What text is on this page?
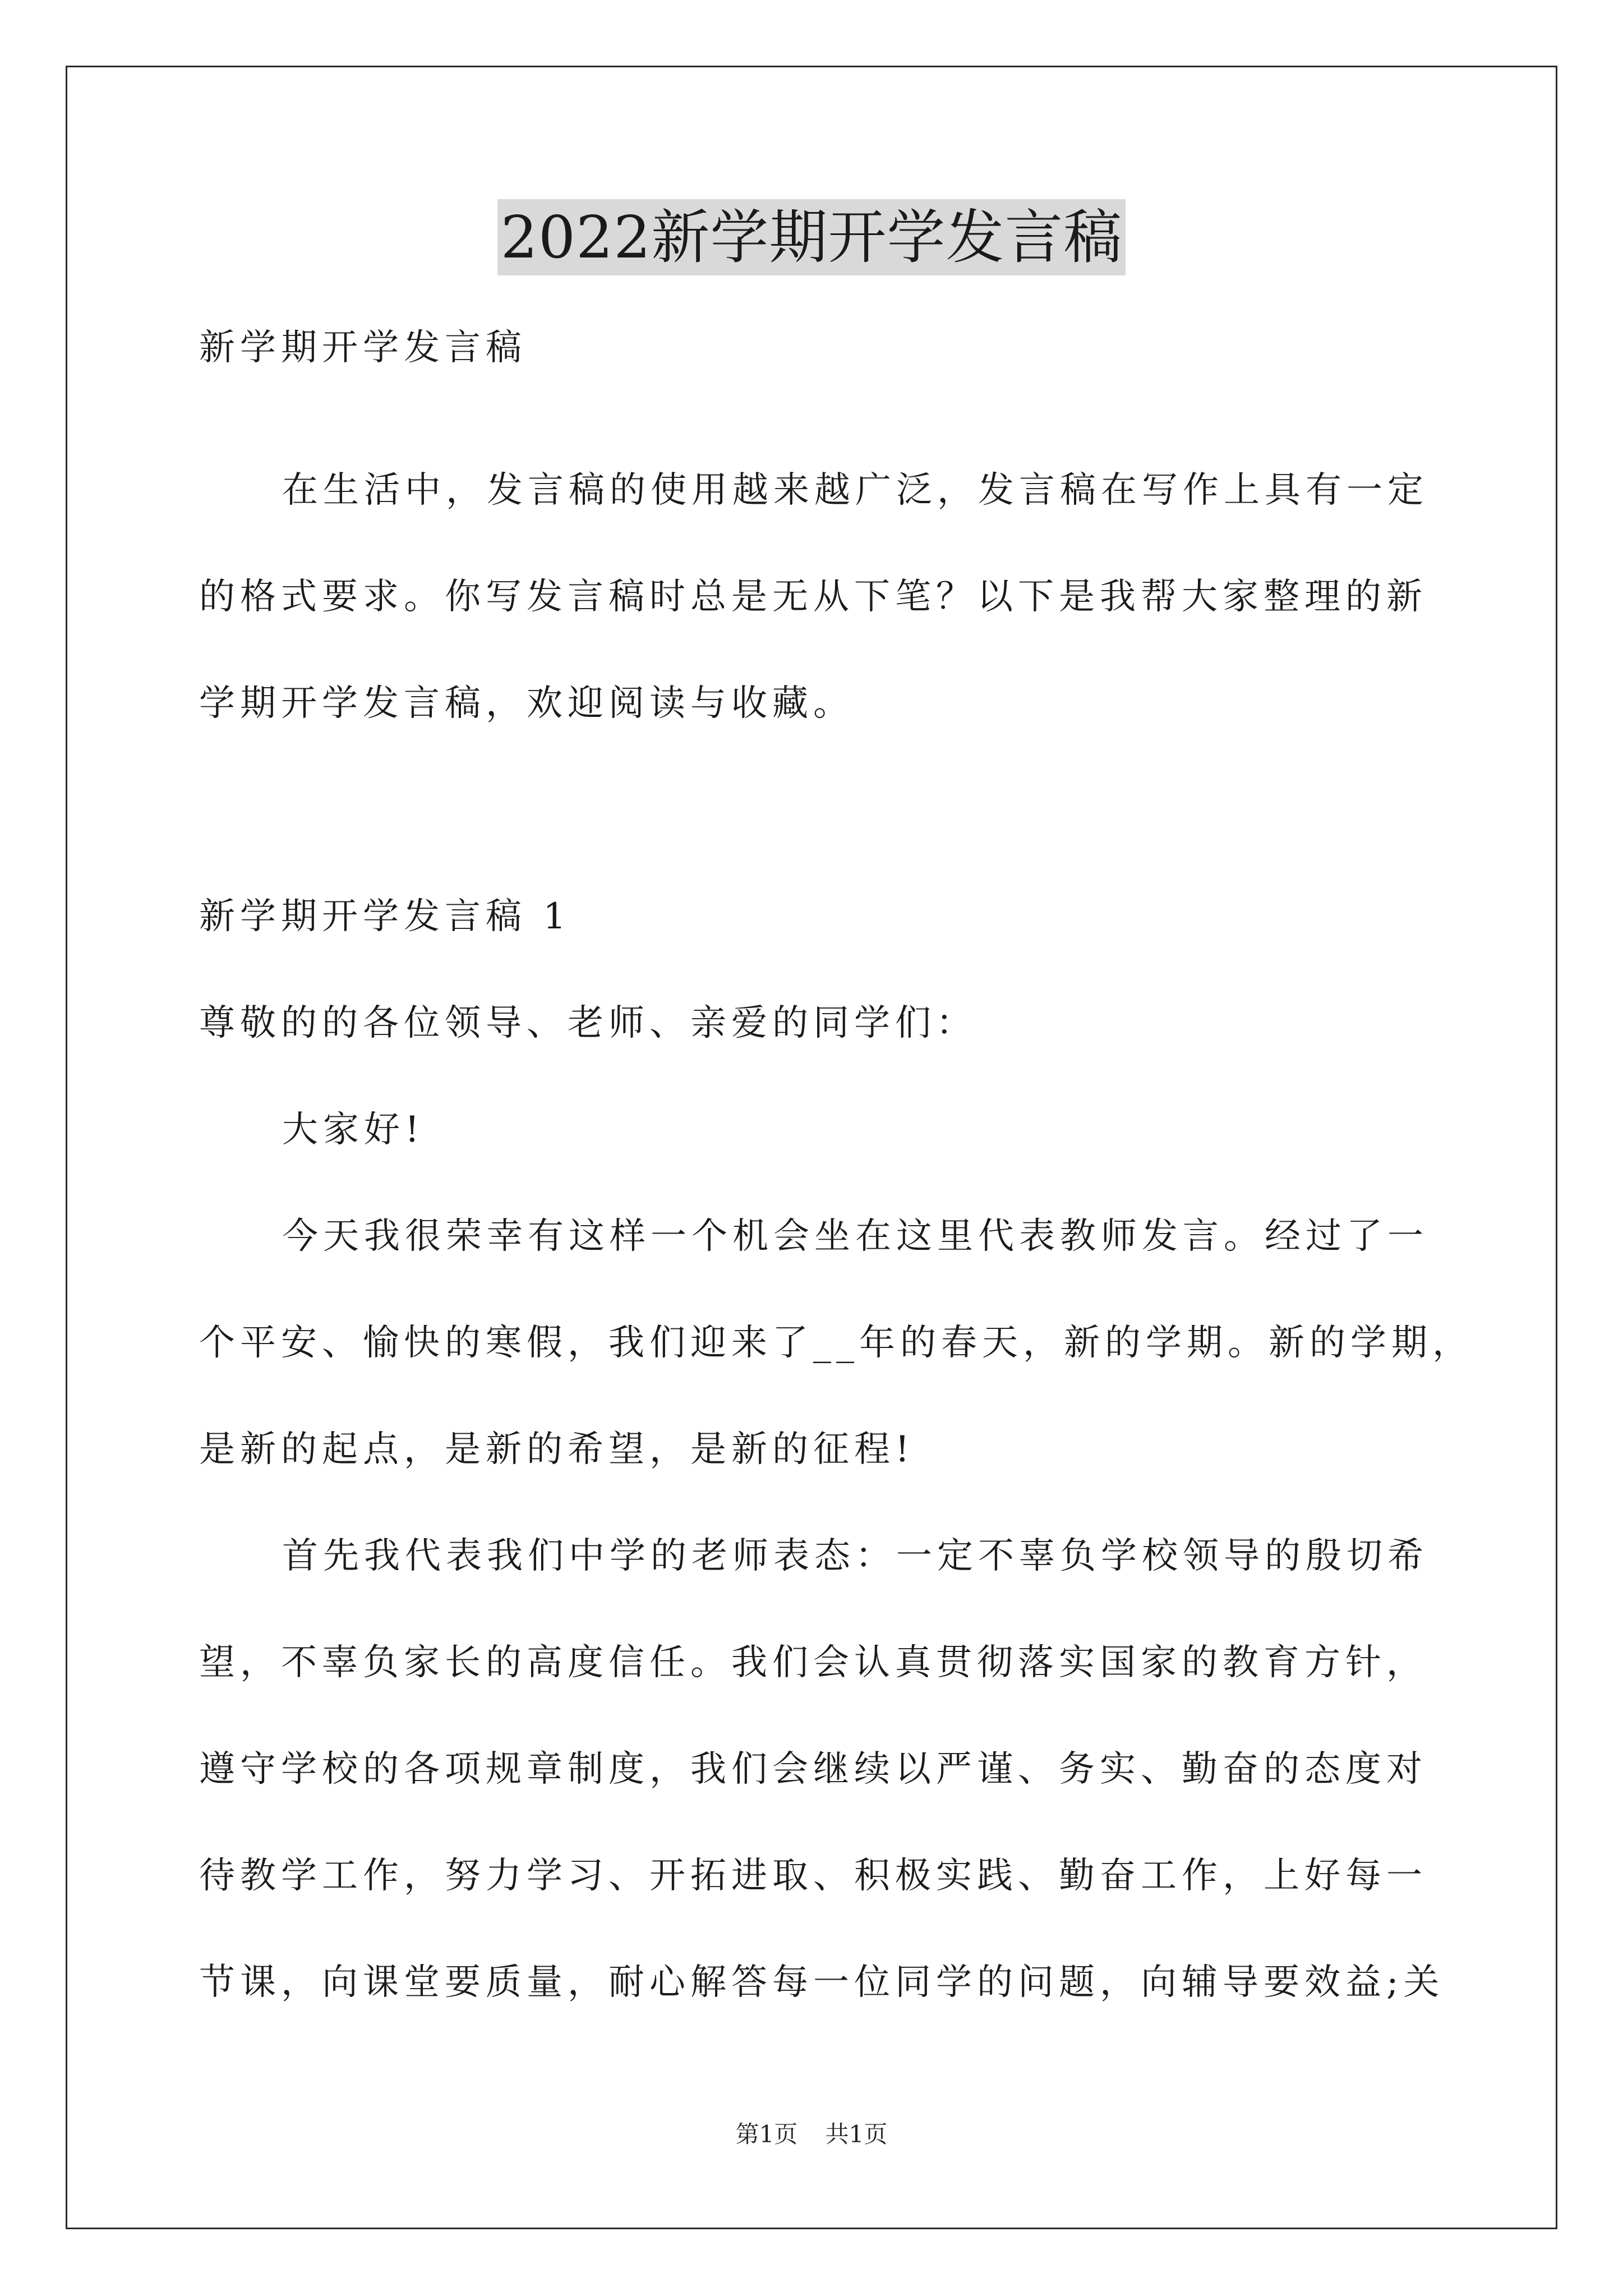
2022新学期开学发言稿
新学期开学发言稿
在生活中，发言稿的使用越来越广泛，发言稿在写作上具有一定
的格式要求。你写发言稿时总是无从下笔？以下是我帮大家整理的新
学期开学发言稿，欢迎阅读与收藏。
新学期开学发言稿 1
尊敬的的各位领导、老师、亲爱的同学们：
大家好!
今天我很荣幸有这样一个机会坐在这里代表教师发言。经过了一
个平安、愉快的寒假，我们迎来了__年的春天，新的学期。新的学期，
是新的起点，是新的希望，是新的征程!
首先我代表我们中学的老师表态：一定不辜负学校领导的殷切希
望，不辜负家长的高度信任。我们会认真贯彻落实国家的教育方针，
遵守学校的各项规章制度，我们会继续以严谨、务实、勤奋的态度对
待教学工作，努力学习、开拓进取、积极实践、勤奋工作，上好每一
节课，向课堂要质量，耐心解答每一位同学的问题，向辅导要效益;关
第1页 共1页
